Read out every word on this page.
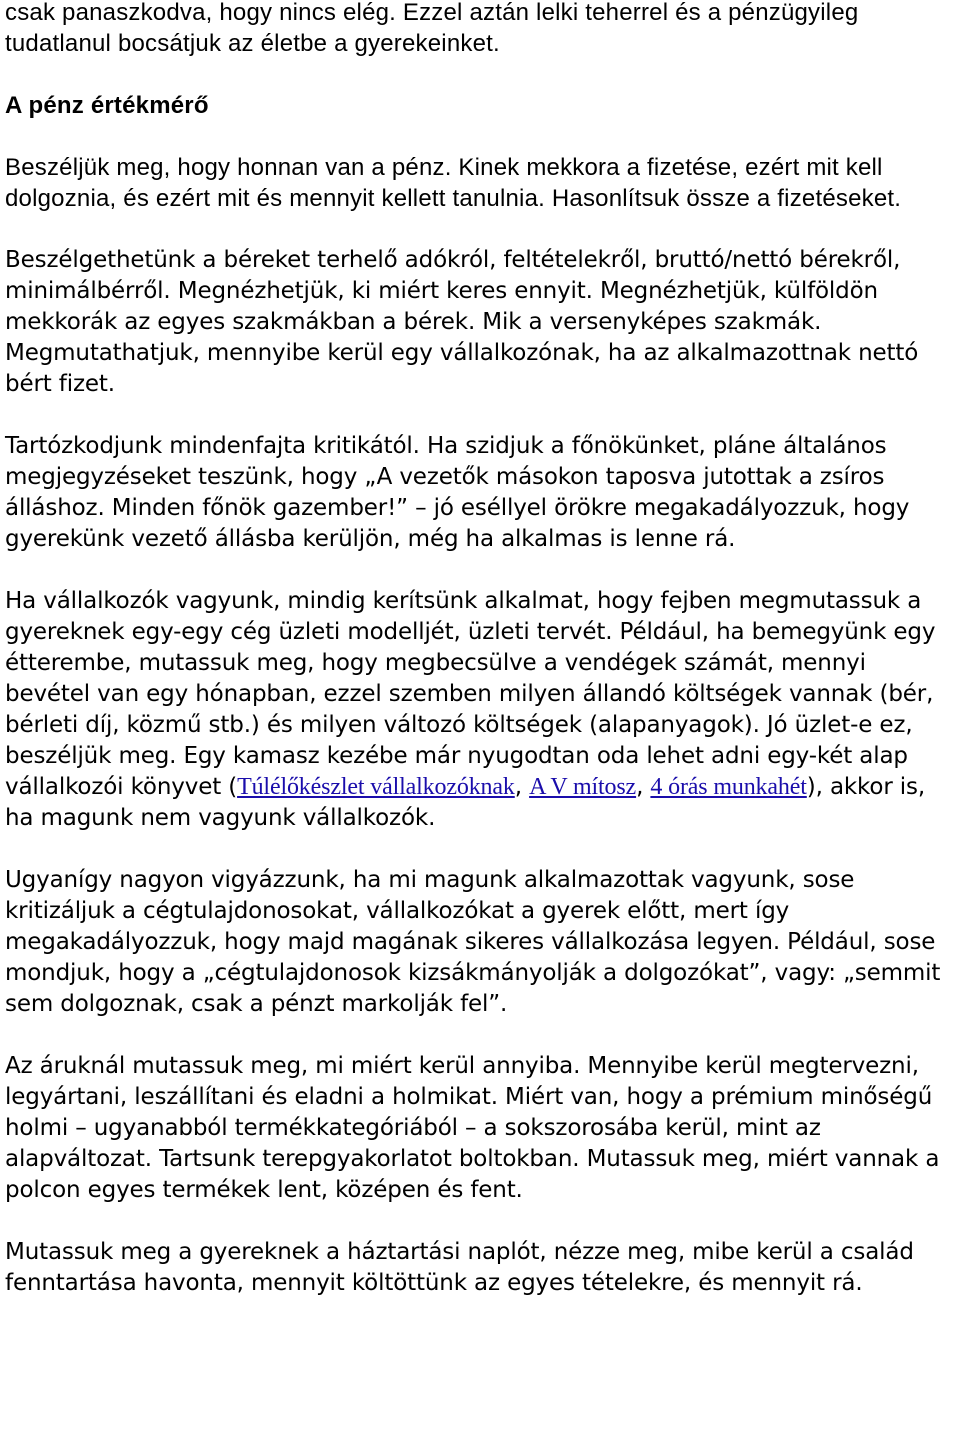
csak panaszkodva, hogy nincs elég. Ezzel aztán lelki teherrel és a pénzügyileg tudatlanul bocsátjuk az életbe a gyerekeinket.

A pénz értékmérő

Beszéljük meg, hogy honnan van a pénz. Kinek mekkora a fizetése, ezért mit kell dolgoznia, és ezért mit és mennyit kellett tanulnia. Hasonlítsuk össze a fizetéseket.

Beszélgethetünk a béreket terhelő adókról, feltételekről, bruttó/nettó bérekről, minimálbérről. Megnézhetjük, ki miért keres ennyit. Megnézhetjük, külföldön mekkorák az egyes szakmákban a bérek. Mik a versenyképes szakmák. Megmutathatjuk, mennyibe kerül egy vállalkozónak, ha az alkalmazottnak nettó bért fizet.

Tartózkodjunk mindenfajta kritikától. Ha szidjuk a főnökünket, pláne általános megjegyzéseket teszünk, hogy „A vezetők másokon taposva jutottak a zsíros álláshoz. Minden főnök gazember!” – jó eséllyel örökre megakadályozzuk, hogy gyerekünk vezető állásba kerüljön, még ha alkalmas is lenne rá.

Ha vállalkozók vagyunk, mindig kerítsünk alkalmat, hogy fejben megmutassuk a gyereknek egy-egy cég üzleti modelljét, üzleti tervét. Például, ha bemegyünk egy étterembe, mutassuk meg, hogy megbecsülve a vendégek számát, mennyi bevétel van egy hónapban, ezzel szemben milyen állandó költségek vannak (bér, bérleti díj, közmű stb.) és milyen változó költségek (alapanyagok). Jó üzlet-e ez, beszéljük meg. Egy kamasz kezébe már nyugodtan oda lehet adni egy-két alap vállalkozói könyvet (Túlélőkészlet vállalkozóknak, A V mítosz, 4 órás munkahét), akkor is, ha magunk nem vagyunk vállalkozók.

Ugyanígy nagyon vigyázzunk, ha mi magunk alkalmazottak vagyunk, sose kritizáljuk a cégtulajdonosokat, vállalkozókat a gyerek előtt, mert így megakadályozzuk, hogy majd magának sikeres vállalkozása legyen. Például, sose mondjuk, hogy a „cégtulajdonosok kizsákmányolják a dolgozókat”, vagy: „semmit sem dolgoznak, csak a pénzt markolják fel”.

Az áruknál mutassuk meg, mi miért kerül annyiba. Mennyibe kerül megtervezni, legyártani, leszállítani és eladni a holmikat. Miért van, hogy a prémium minőségű holmi – ugyanabból termékkategóriából – a sokszorosába kerül, mint az alapváltozat. Tartsunk terepgyakorlatot boltokban. Mutassuk meg, miért vannak a polcon egyes termékek lent, középen és fent.

Mutassuk meg a gyereknek a háztartási naplót, nézze meg, mibe kerül a család fenntartása havonta, mennyit költöttünk az egyes tételekre, és mennyit rá.
